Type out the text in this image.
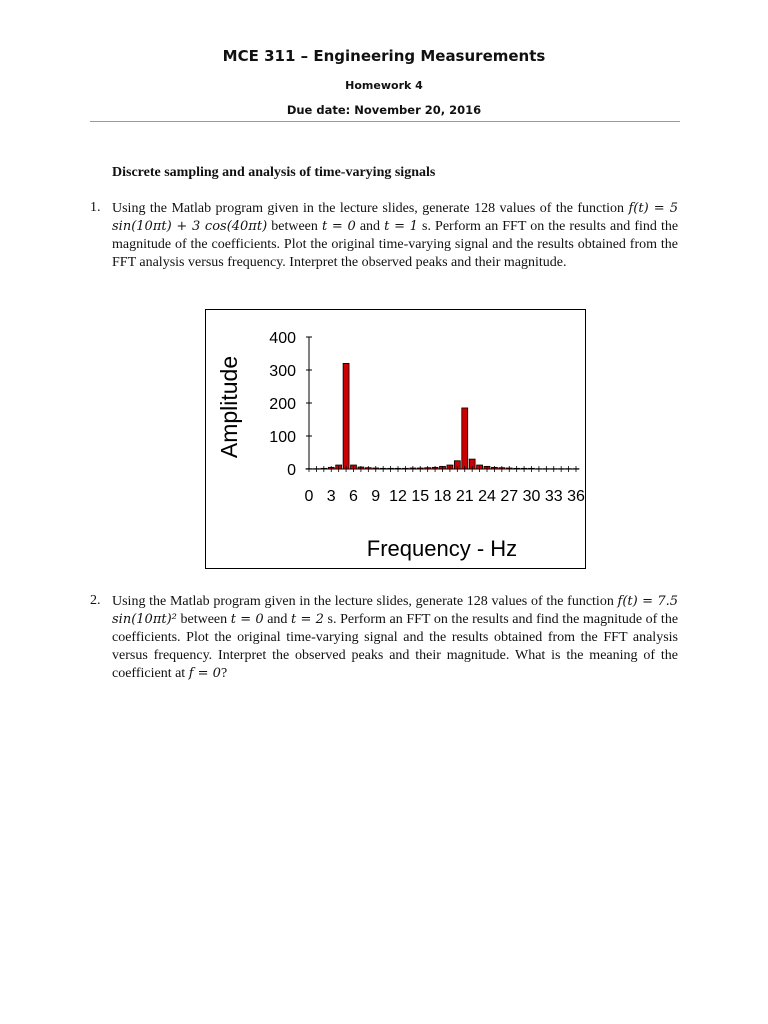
MCE 311 – Engineering Measurements
Homework 4
Due date: November 20, 2016
Discrete sampling and analysis of time-varying signals
1. Using the Matlab program given in the lecture slides, generate 128 values of the function f(t) = 5 sin(10πt) + 3 cos(40πt) between t = 0 and t = 1 s. Perform an FFT on the results and find the magnitude of the coefficients. Plot the original time-varying signal and the results obtained from the FFT analysis versus frequency. Interpret the observed peaks and their magnitude.
Amplitude
Frequency - Hz
0
100
200
300
400
0 3 6 9 12 15 18 21 24 27 30 33 36
2. Using the Matlab program given in the lecture slides, generate 128 values of the function f(t) = 7.5 sin(10πt)² between t = 0 and t = 2 s. Perform an FFT on the results and find the magnitude of the coefficients. Plot the original time-varying signal and the results obtained from the FFT analysis versus frequency. Interpret the observed peaks and their magnitude. What is the meaning of the coefficient at f = 0?
